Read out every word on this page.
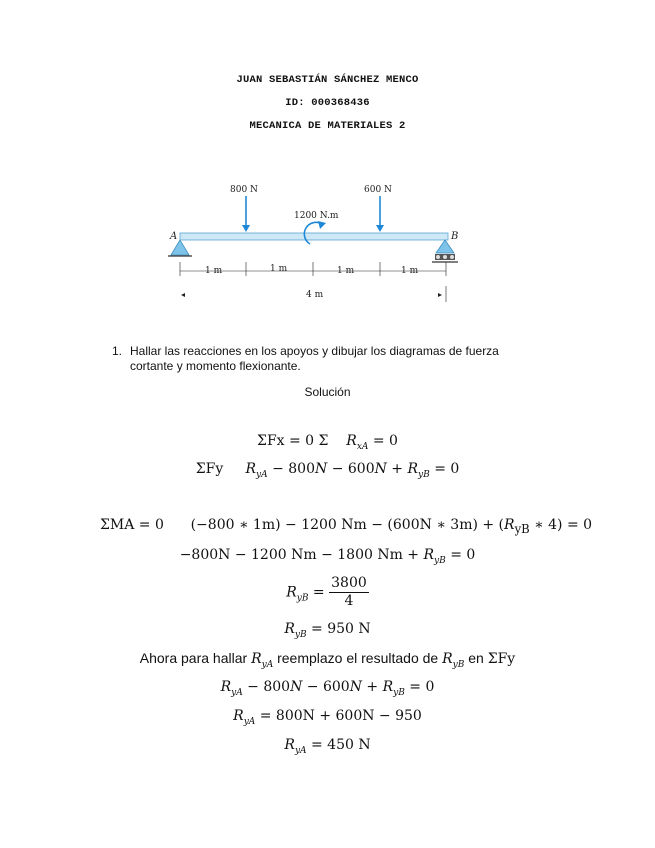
JUAN SEBASTIÁN SÁNCHEZ MENCO
ID: 000368436
MECANICA DE MATERIALES 2
A	B
800 N	600 N
1200 N.m
1 m	1 m	1 m	1 m
4 m
1. Hallar las reacciones en los apoyos y dibujar los diagramas de fuerza cortante y momento flexionante.
Solución
ΣFx = 0 Σ $R_{xA} = 0$
ΣFy $R_{yA} - 800N - 600N + R_{yB} = 0$
ΣMA = 0 (−800 ∗ 1m) − 1200 Nm − (600N ∗ $3m) + (R_{yB}$ ∗ 4) = 0
−800N − 1200 Nm − 1800 $Nm + R_{yB} = 0$
$R_{yB} = \frac{3800}{4}$
$R_{yB} = 950$ N
Ahora para hallar $R_{yA}$ reemplazo el resultado de $R_{yB}$ en ΣFy
$R_{yA} - 800N - 600N + R_{yB} = 0$
$R_{yA} = 800N + 600N - 950$
$R_{yA} = 450$ N
